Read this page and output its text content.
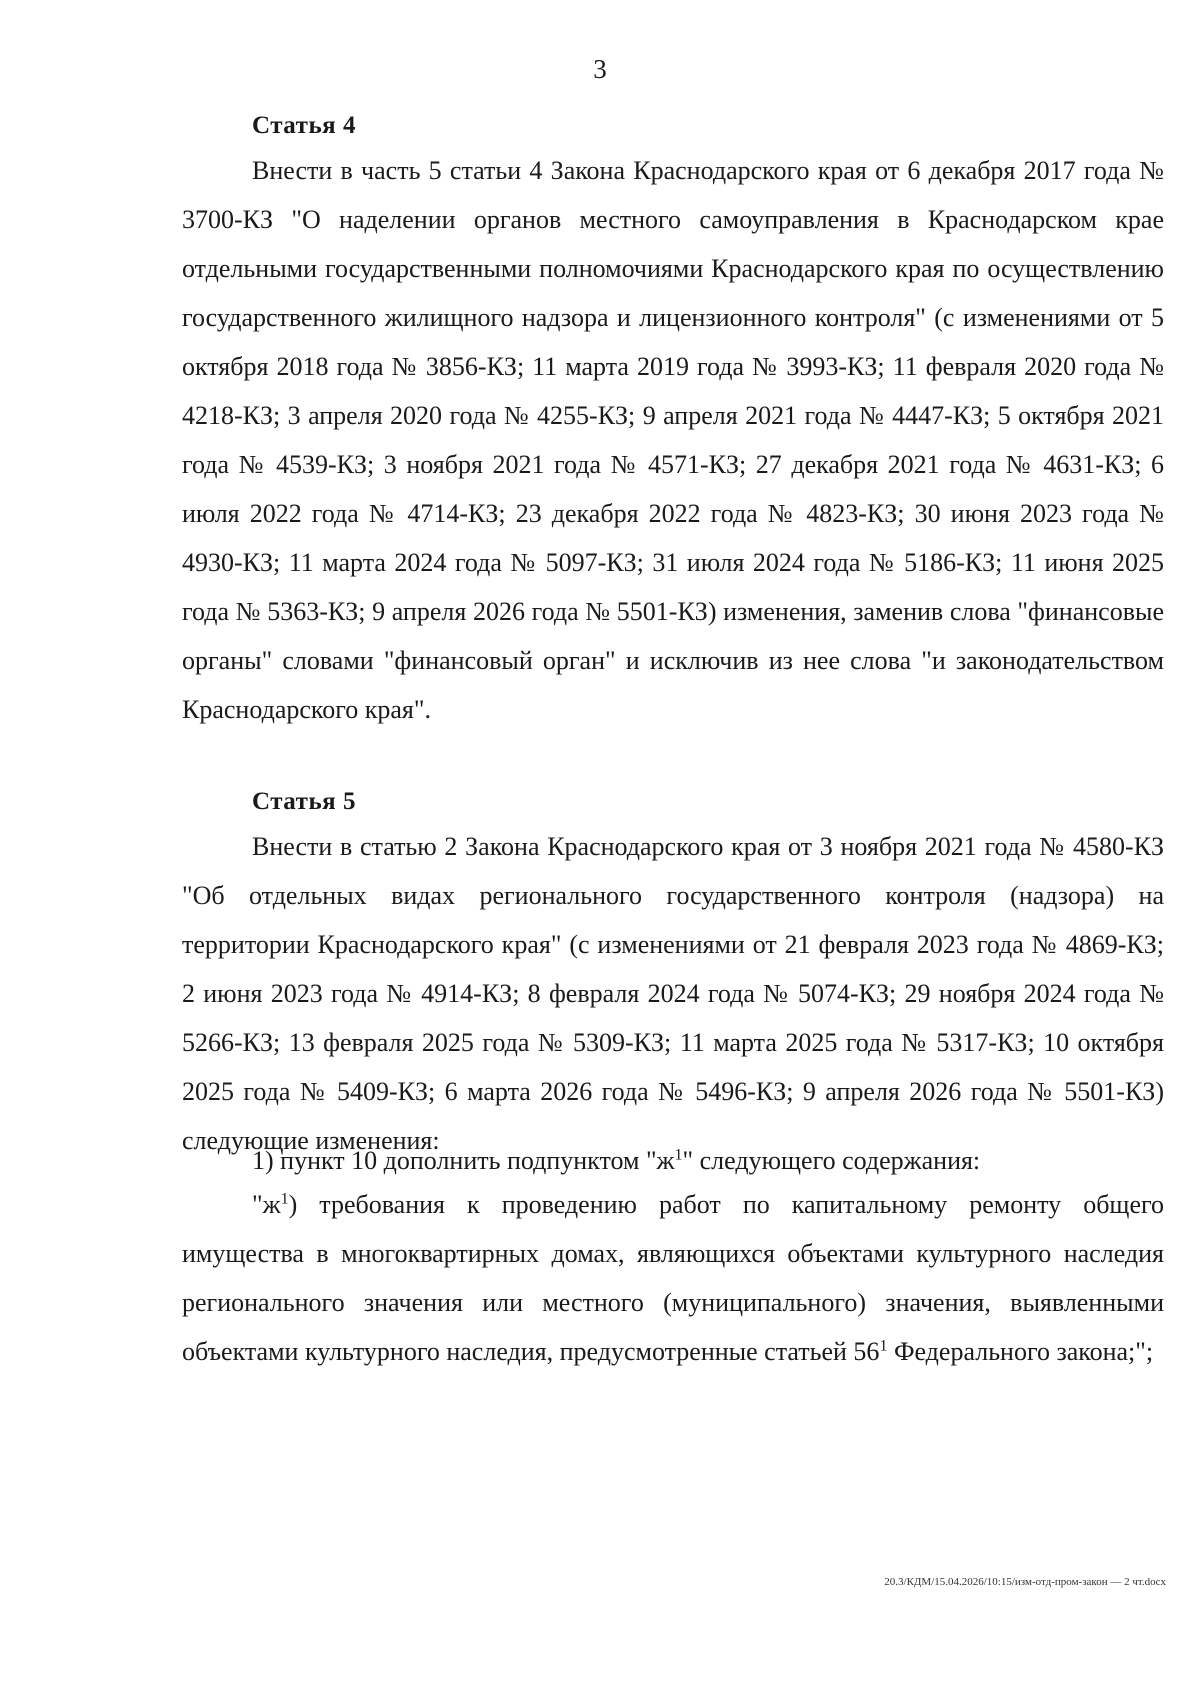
3
Статья 4

Внести в часть 5 статьи 4 Закона Краснодарского края от 6 декабря 2017 года № 3700-КЗ "О наделении органов местного самоуправления в Краснодарском крае отдельными государственными полномочиями Краснодарского края по осуществлению государственного жилищного надзора и лицензионного контроля" (с изменениями от 5 октября 2018 года № 3856-КЗ; 11 марта 2019 года № 3993-КЗ; 11 февраля 2020 года № 4218-КЗ; 3 апреля 2020 года № 4255-КЗ; 9 апреля 2021 года № 4447-КЗ; 5 октября 2021 года № 4539-КЗ; 3 ноября 2021 года № 4571-КЗ; 27 декабря 2021 года № 4631-КЗ; 6 июля 2022 года № 4714-КЗ; 23 декабря 2022 года № 4823-КЗ; 30 июня 2023 года № 4930-КЗ; 11 марта 2024 года № 5097-КЗ; 31 июля 2024 года № 5186-КЗ; 11 июня 2025 года № 5363-КЗ; 9 апреля 2026 года № 5501-КЗ) изменения, заменив слова "финансовые органы" словами "финансовый орган" и исключив из нее слова "и законодательством Краснодарского края".

Статья 5

Внести в статью 2 Закона Краснодарского края от 3 ноября 2021 года № 4580-КЗ "Об отдельных видах регионального государственного контроля (надзора) на территории Краснодарского края" (с изменениями от 21 февраля 2023 года № 4869-КЗ; 2 июня 2023 года № 4914-КЗ; 8 февраля 2024 года № 5074-КЗ; 29 ноября 2024 года № 5266-КЗ; 13 февраля 2025 года № 5309-КЗ; 11 марта 2025 года № 5317-КЗ; 10 октября 2025 года № 5409-КЗ; 6 марта 2026 года № 5496-КЗ; 9 апреля 2026 года № 5501-КЗ) следующие изменения:

1) пункт 10 дополнить подпунктом "$ж^1$" следующего содержания:

"$ж^1$) требования к проведению работ по капитальному ремонту общего имущества в многоквартирных домах, являющихся объектами культурного наследия регионального значения или местного (муниципального) значения, выявленными объектами культурного наследия, предусмотренные статьей $56^1$ Федерального закона;";

20.3/КДМ/15.04.2026/10:15/изм-отд-пром-закон — 2 чт.docx
